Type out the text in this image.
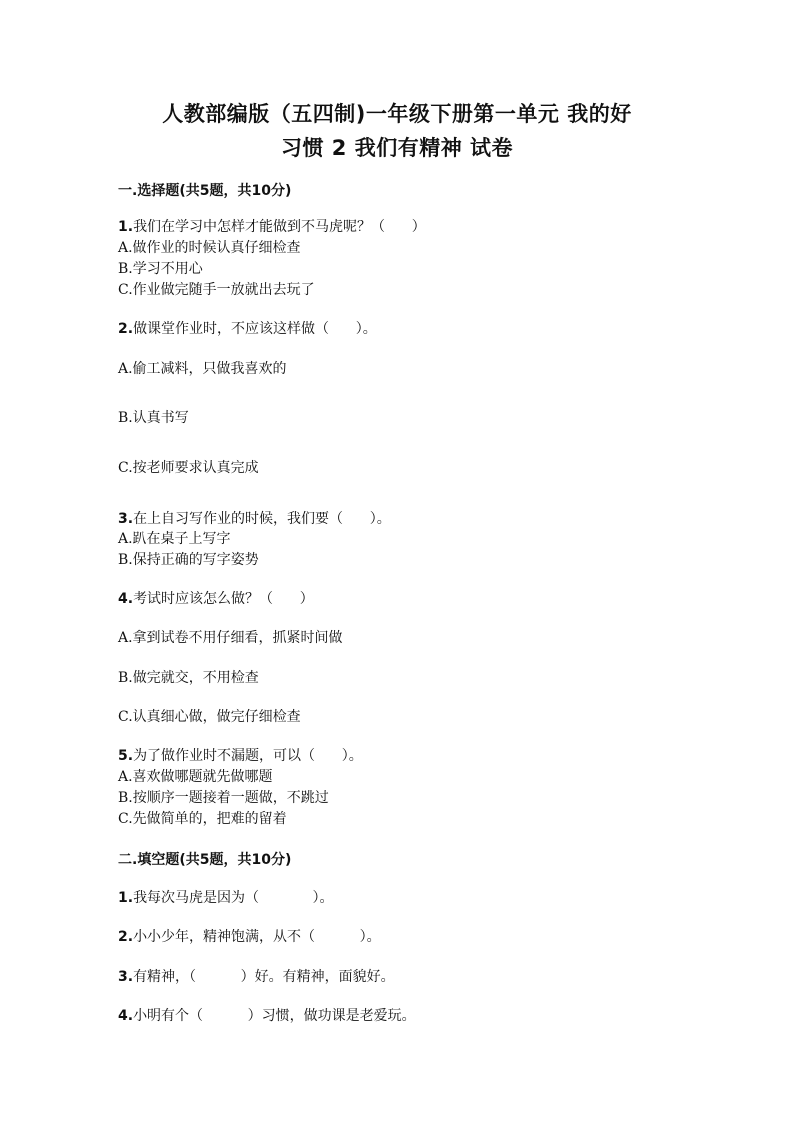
人教部编版（五四制)一年级下册第一单元 我的好
习惯 2 我们有精神 试卷
一.选择题(共5题，共10分)
1.我们在学习中怎样才能做到不马虎呢？（      ）
A.做作业的时候认真仔细检查
B.学习不用心
C.作业做完随手一放就出去玩了
2.做课堂作业时，不应该这样做（      ）。
A.偷工减料，只做我喜欢的
B.认真书写
C.按老师要求认真完成
3.在上自习写作业的时候，我们要（      ）。
A.趴在桌子上写字
B.保持正确的写字姿势
4.考试时应该怎么做？（      ）
A.拿到试卷不用仔细看，抓紧时间做
B.做完就交，不用检查
C.认真细心做，做完仔细检查
5.为了做作业时不漏题，可以（      ）。
A.喜欢做哪题就先做哪题
B.按顺序一题接着一题做，不跳过
C.先做简单的，把难的留着
二.填空题(共5题，共10分)
1.我每次马虎是因为（            ）。
2.小小少年，精神饱满，从不（          ）。
3.有精神，（          ）好。有精神，面貌好。
4.小明有个（          ）习惯，做功课是老爱玩。
